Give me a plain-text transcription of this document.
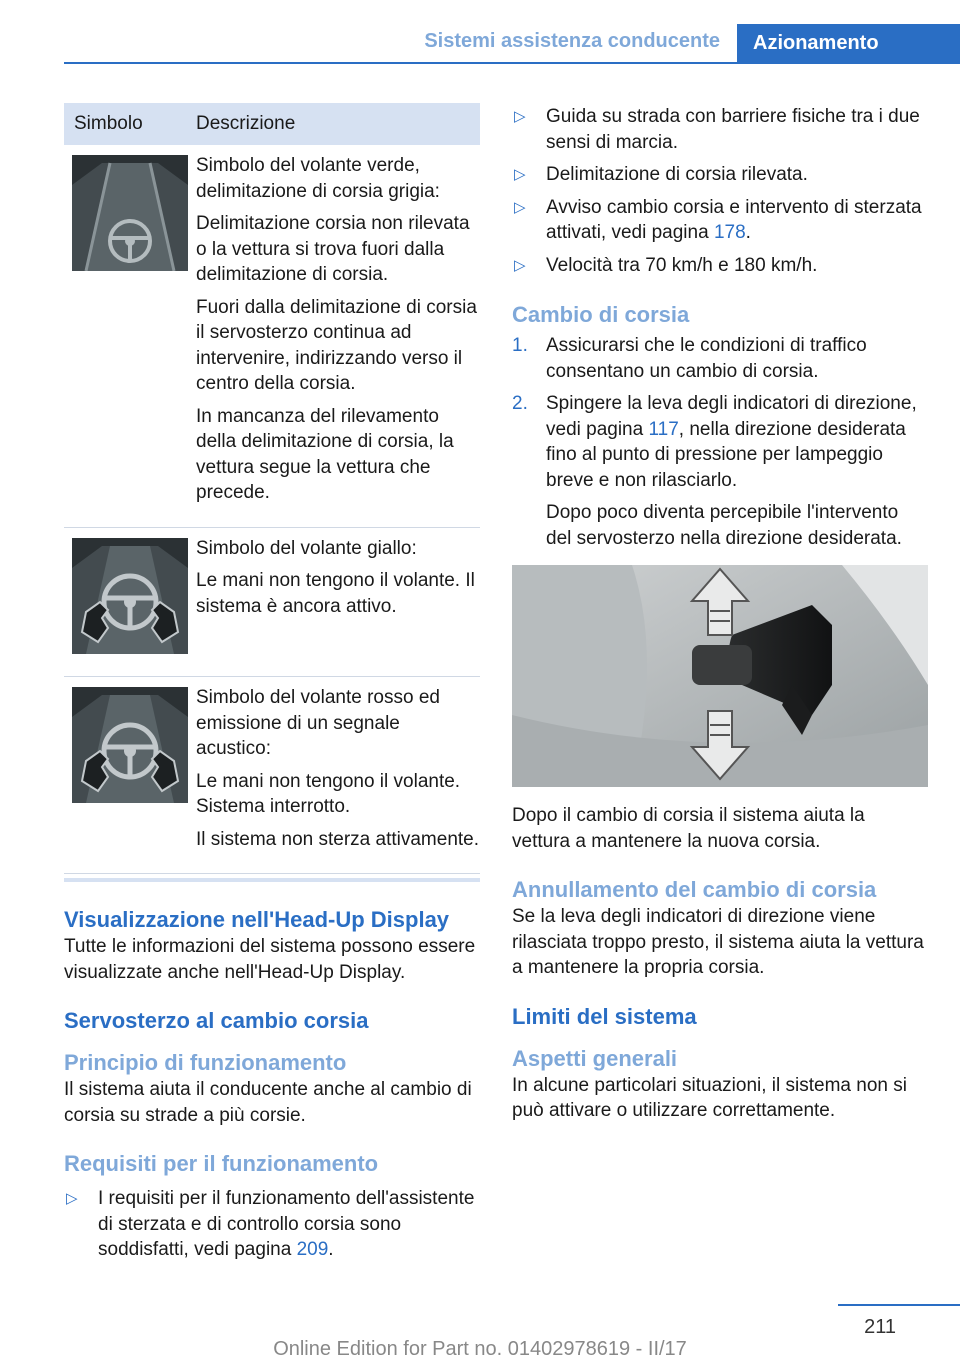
Sistemi assistenza conducente	Azionamento
Simbolo	Descrizione

Simbolo del volante verde, delimitazione di corsia grigia:

Delimitazione corsia non rilevata o la vettura si trova fuori dalla delimitazione di corsia.

Fuori dalla delimitazione di corsia il servosterzo continua ad intervenire, indirizzando verso il centro della corsia.

In mancanza del rilevamento della delimitazione di corsia, la vettura segue la vettura che precede.

Simbolo del volante giallo:

Le mani non tengono il volante. Il sistema è ancora attivo.

Simbolo del volante rosso ed emissione di un segnale acustico:

Le mani non tengono il volante. Sistema interrotto.

Il sistema non sterza attivamente.

Visualizzazione nell'Head-Up Display

Tutte le informazioni del sistema possono essere visualizzate anche nell'Head-Up Display.

Servosterzo al cambio corsia
Principio di funzionamento

Il sistema aiuta il conducente anche al cambio di corsia su strade a più corsie.

Requisiti per il funzionamento
▷ I requisiti per il funzionamento dell'assistente di sterzata e di controllo corsia sono soddisfatti, vedi pagina 209.
▷ Guida su strada con barriere fisiche tra i due sensi di marcia.
▷ Delimitazione di corsia rilevata.
▷ Avviso cambio corsia e intervento di sterzata attivati, vedi pagina 178.
▷ Velocità tra 70 km/h e 180 km/h.
Cambio di corsia
1. Assicurarsi che le condizioni di traffico consentano un cambio di corsia.

2. Spingere la leva degli indicatori di direzione, vedi pagina 117, nella direzione desiderata fino al punto di pressione per lampeggio breve e non rilasciarlo.

Dopo poco diventa percepibile l'intervento del servosterzo nella direzione desiderata.

Dopo il cambio di corsia il sistema aiuta la vettura a mantenere la nuova corsia.

Annullamento del cambio di corsia

Se la leva degli indicatori di direzione viene rilasciata troppo presto, il sistema aiuta la vettura a mantenere la propria corsia.

Limiti del sistema
Aspetti generali

In alcune particolari situazioni, il sistema non si può attivare o utilizzare correttamente.

211
Online Edition for Part no. 01402978619 - II/17
